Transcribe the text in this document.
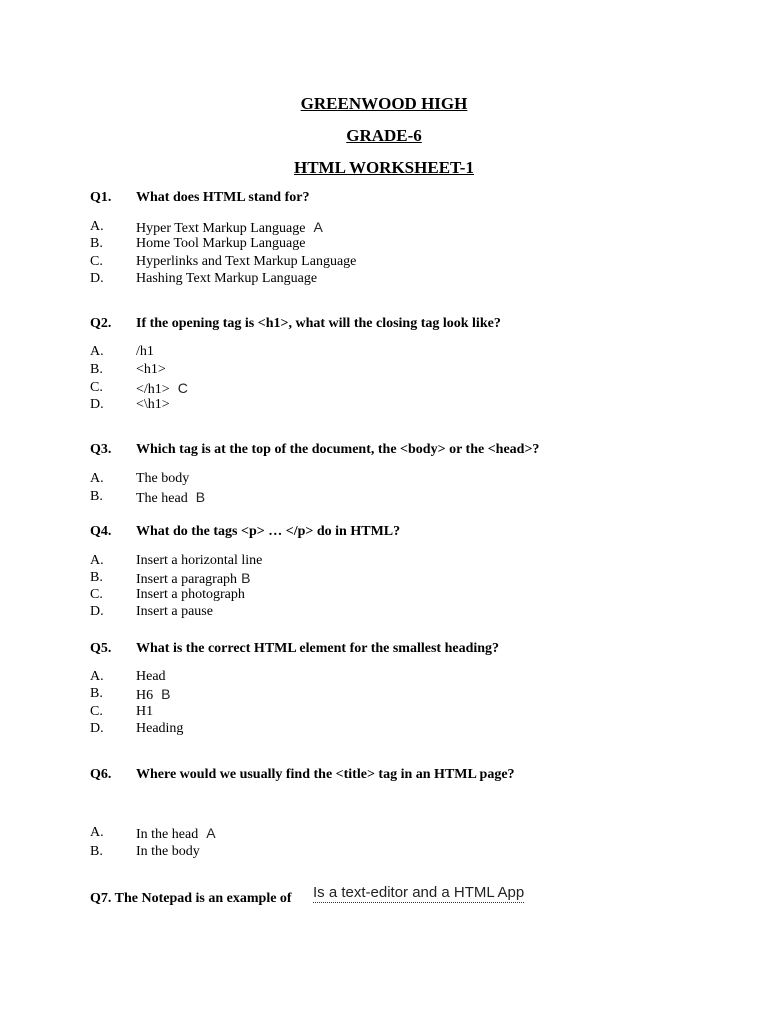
GREENWOOD HIGH
GRADE-6
HTML WORKSHEET-1
Q1. What does HTML stand for?
A. Hyper Text Markup Language A
B. Home Tool Markup Language
C. Hyperlinks and Text Markup Language
D. Hashing Text Markup Language
Q2. If the opening tag is <h1>, what will the closing tag look like?
A. /h1
B. <h1>
C. </h1> C
D. <\h1>
Q3. Which tag is at the top of the document, the <body> or the <head>?
A. The body
B. The head B
Q4. What do the tags <p> … </p> do in HTML?
A. Insert a horizontal line
B. Insert a paragraph B
C. Insert a photograph
D. Insert a pause
Q5. What is the correct HTML element for the smallest heading?
A. Head
B. H6 B
C. H1
D. Heading
Q6. Where would we usually find the <title> tag in an HTML page?
A. In the head A
B. In the body
Q7. The Notepad is an example of Is a text-editor and a HTML App
